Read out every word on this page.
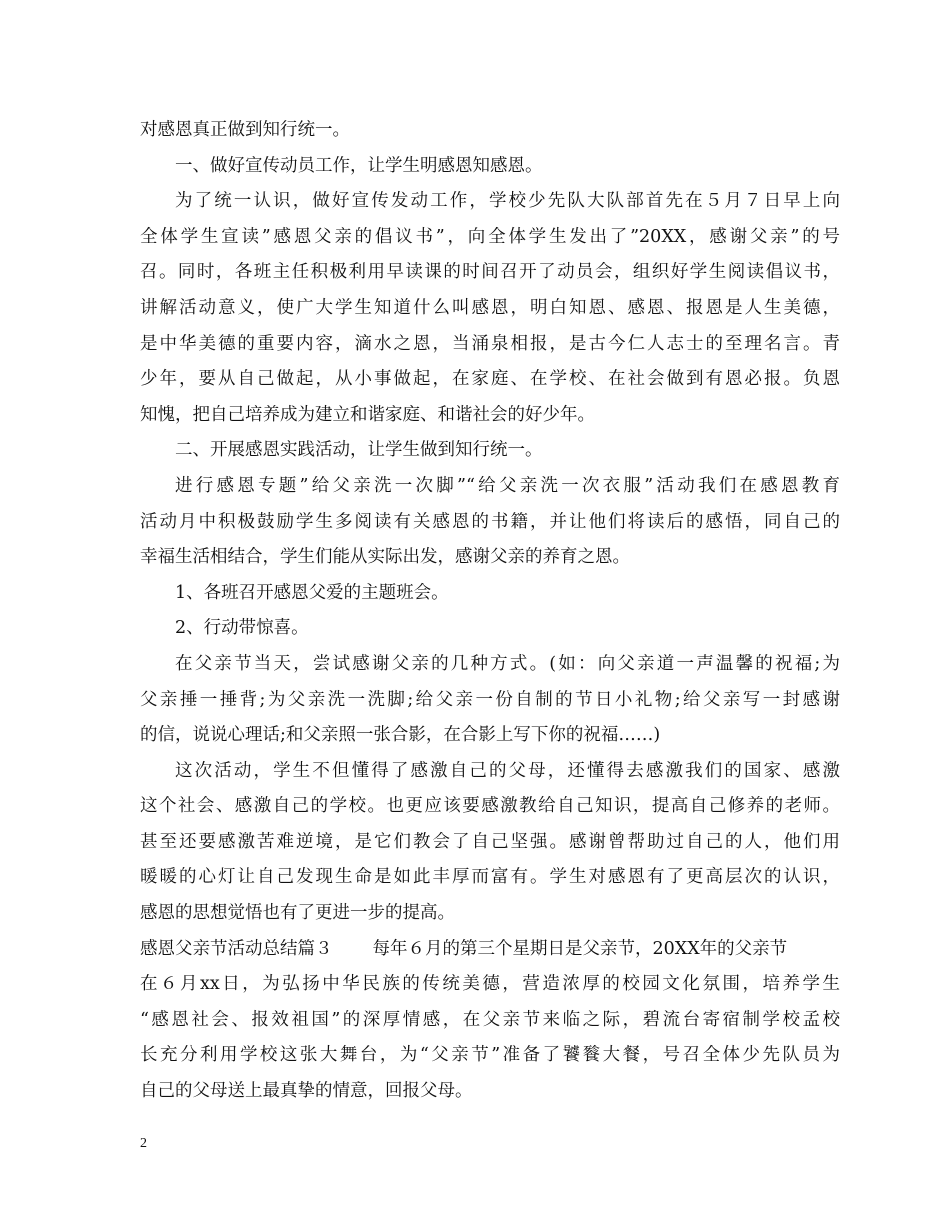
对感恩真正做到知行统一。
一、做好宣传动员工作，让学生明感恩知感恩。
为了统一认识，做好宣传发动工作，学校少先队大队部首先在５月７日早上向
全体学生宣读”感恩父亲的倡议书”，向全体学生发出了”20XX，感谢父亲”的号
召。同时，各班主任积极利用早读课的时间召开了动员会，组织好学生阅读倡议书，
讲解活动意义，使广大学生知道什么叫感恩，明白知恩、感恩、报恩是人生美德，
是中华美德的重要内容，滴水之恩，当涌泉相报，是古今仁人志士的至理名言。青
少年，要从自己做起，从小事做起，在家庭、在学校、在社会做到有恩必报。负恩
知愧，把自己培养成为建立和谐家庭、和谐社会的好少年。
二、开展感恩实践活动，让学生做到知行统一。
进行感恩专题”给父亲洗一次脚”“给父亲洗一次衣服”活动我们在感恩教育
活动月中积极鼓励学生多阅读有关感恩的书籍，并让他们将读后的感悟，同自己的
幸福生活相结合，学生们能从实际出发，感谢父亲的养育之恩。
1、各班召开感恩父爱的主题班会。
2、行动带惊喜。
在父亲节当天，尝试感谢父亲的几种方式。(如：向父亲道一声温馨的祝福;为
父亲捶一捶背;为父亲洗一洗脚;给父亲一份自制的节日小礼物;给父亲写一封感谢
的信，说说心理话;和父亲照一张合影，在合影上写下你的祝福……)
这次活动，学生不但懂得了感激自己的父母，还懂得去感激我们的国家、感激
这个社会、感激自己的学校。也更应该要感激教给自己知识，提高自己修养的老师。
甚至还要感激苦难逆境，是它们教会了自己坚强。感谢曾帮助过自己的人，他们用
暖暖的心灯让自己发现生命是如此丰厚而富有。学生对感恩有了更高层次的认识，
感恩的思想觉悟也有了更进一步的提高。
感恩父亲节活动总结篇３ 每年６月的第三个星期日是父亲节，20XX年的父亲节
在６月xx日，为弘扬中华民族的传统美德，营造浓厚的校园文化氛围，培养学生
“感恩社会、报效祖国”的深厚情感，在父亲节来临之际，碧流台寄宿制学校孟校
长充分利用学校这张大舞台，为“父亲节”准备了饕餮大餐，号召全体少先队员为
自己的父母送上最真挚的情意，回报父母。
2
